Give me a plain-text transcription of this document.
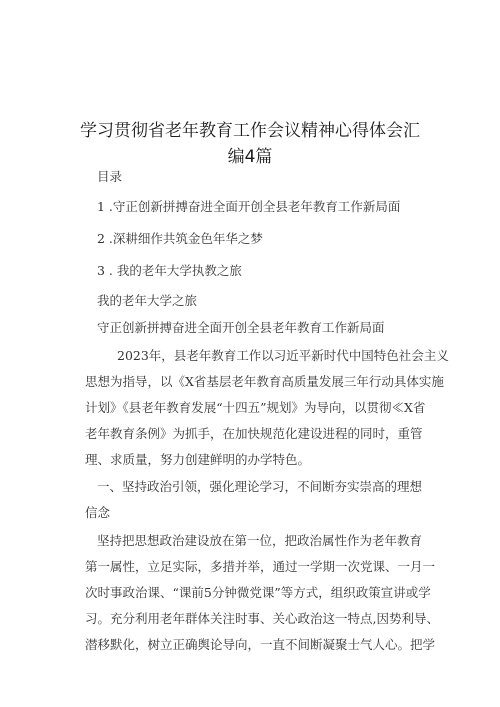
学习贯彻省老年教育工作会议精神心得体会汇
编4篇
目录
1 .守正创新拼搏奋进全面开创全县老年教育工作新局面
2 .深耕细作共筑金色年华之梦
3 . 我的老年大学执教之旅
我的老年大学之旅
守正创新拼搏奋进全面开创全县老年教育工作新局面
2023年，县老年教育工作以习近平新时代中国特色社会主义
思想为指导，以《X省基层老年教育高质量发展三年行动具体实施
计划》《县老年教育发展“十四五”规划》为导向，以贯彻≪X省
老年教育条例》为抓手，在加快规范化建设进程的同时，重管
理、求质量，努力创建鲜明的办学特色。
一、坚持政治引领，强化理论学习，不间断夯实崇高的理想
信念
坚持把思想政治建设放在第一位，把政治属性作为老年教育
第一属性，立足实际，多措并举，通过一学期一次党课、一月一
次时事政治课、“课前5分钟微党课”等方式，组织政策宣讲或学
习。充分利用老年群体关注时事、关心政治这一特点,因势利导、
潜移默化，树立正确舆论导向，一直不间断凝聚士气人心。把学
